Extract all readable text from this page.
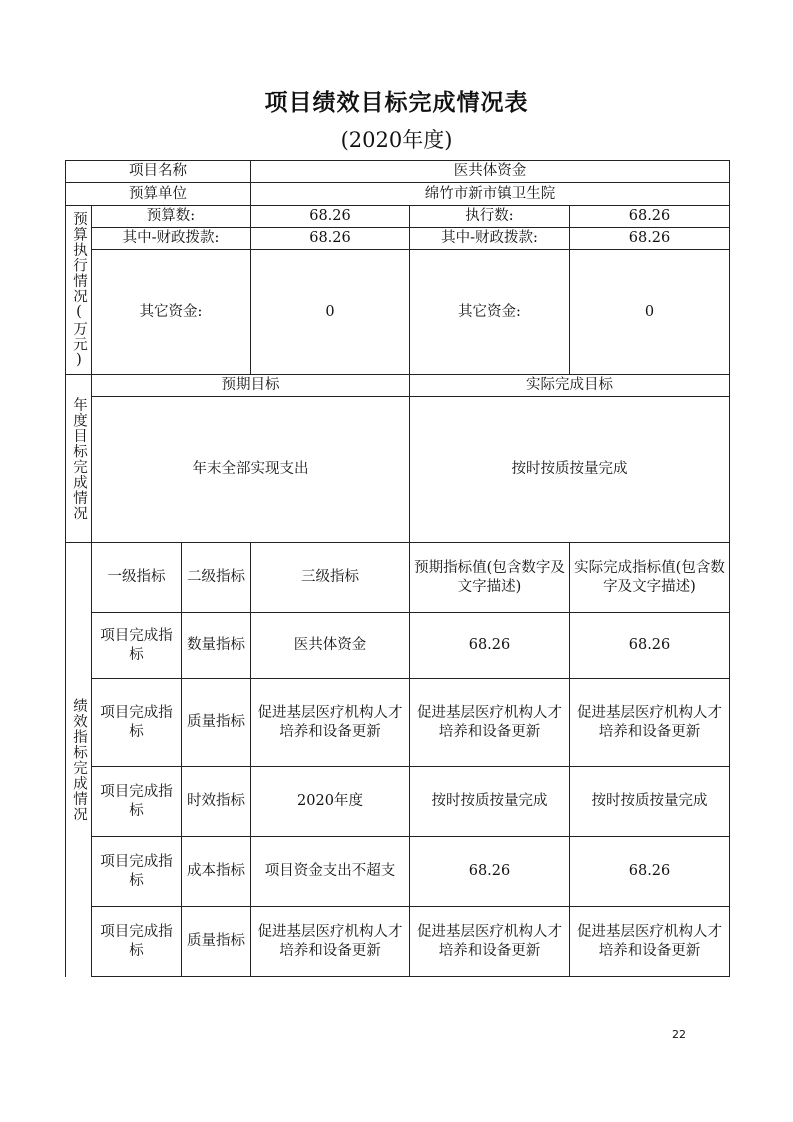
项目绩效目标完成情况表
(2020年度)
项目名称			医共体资金		
预算单位			绵竹市新市镇卫生院		
预算执行情况(万元)	预算数:		68.26	执行数:	68.26
	其中-财政拨款:		68.26	其中-财政拨款:	68.26
	其它资金:		0	其它资金:	0
年度目标完成情况	预期目标			实际完成目标	
	年末全部实现支出			按时按质按量完成	
绩效指标完成情况	一级指标	二级指标	三级指标	预期指标值(包含数字及文字描述)	实际完成指标值(包含数字及文字描述)
	项目完成指标	数量指标	医共体资金	68.26	68.26
	项目完成指标	质量指标	促进基层医疗机构人才培养和设备更新	促进基层医疗机构人才培养和设备更新	促进基层医疗机构人才培养和设备更新
	项目完成指标	时效指标	2020年度	按时按质按量完成	按时按质按量完成
	项目完成指标	成本指标	项目资金支出不超支	68.26	68.26
	项目完成指标	质量指标	促进基层医疗机构人才培养和设备更新	促进基层医疗机构人才培养和设备更新	促进基层医疗机构人才培养和设备更新
22
